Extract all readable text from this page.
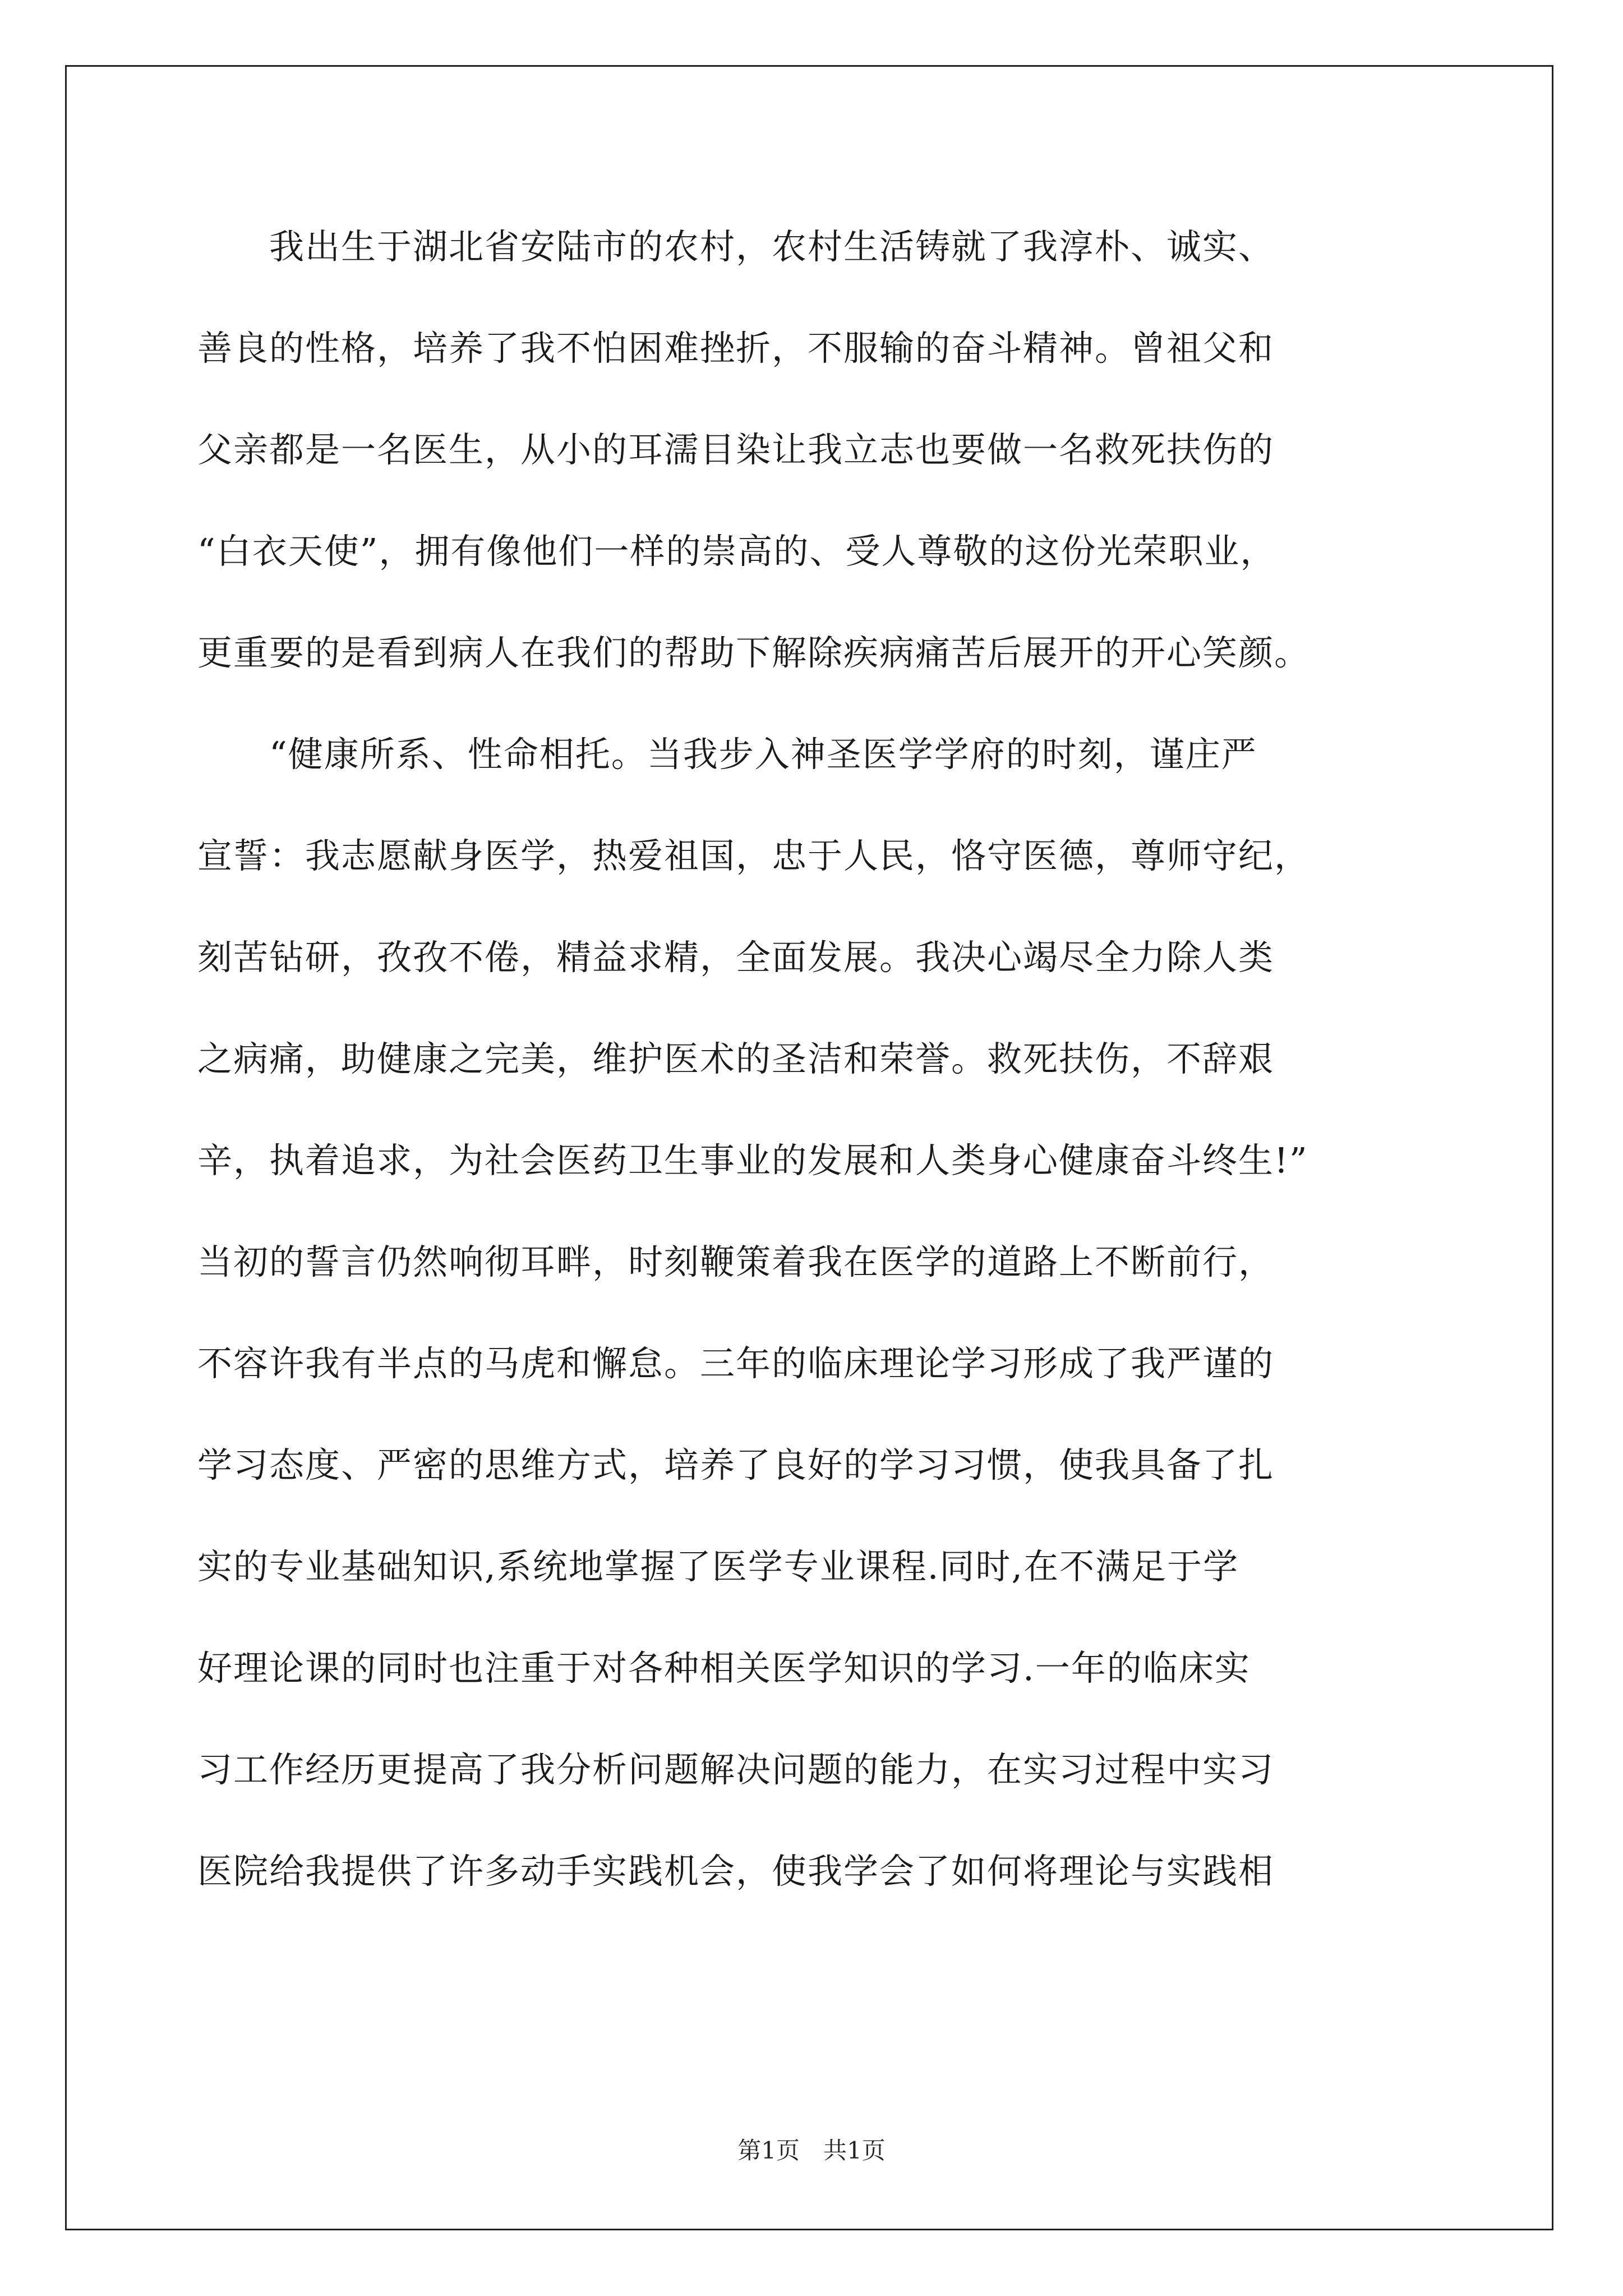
　　我出生于湖北省安陆市的农村，农村生活铸就了我淳朴、诚实、
善良的性格，培养了我不怕困难挫折，不服输的奋斗精神。曾祖父和
父亲都是一名医生，从小的耳濡目染让我立志也要做一名救死扶伤的
“白衣天使”，拥有像他们一样的崇高的、受人尊敬的这份光荣职业，
更重要的是看到病人在我们的帮助下解除疾病痛苦后展开的开心笑颜。
　　“健康所系、性命相托。当我步入神圣医学学府的时刻，谨庄严
宣誓：我志愿献身医学，热爱祖国，忠于人民，恪守医德，尊师守纪，
刻苦钻研，孜孜不倦，精益求精，全面发展。我决心竭尽全力除人类
之病痛，助健康之完美，维护医术的圣洁和荣誉。救死扶伤，不辞艰
辛，执着追求，为社会医药卫生事业的发展和人类身心健康奋斗终生!”
当初的誓言仍然响彻耳畔，时刻鞭策着我在医学的道路上不断前行，
不容许我有半点的马虎和懈怠。三年的临床理论学习形成了我严谨的
学习态度、严密的思维方式，培养了良好的学习习惯，使我具备了扎
实的专业基础知识,系统地掌握了医学专业课程.同时,在不满足于学
好理论课的同时也注重于对各种相关医学知识的学习.一年的临床实
习工作经历更提高了我分析问题解决问题的能力，在实习过程中实习
医院给我提供了许多动手实践机会，使我学会了如何将理论与实践相
第1页　共1页
